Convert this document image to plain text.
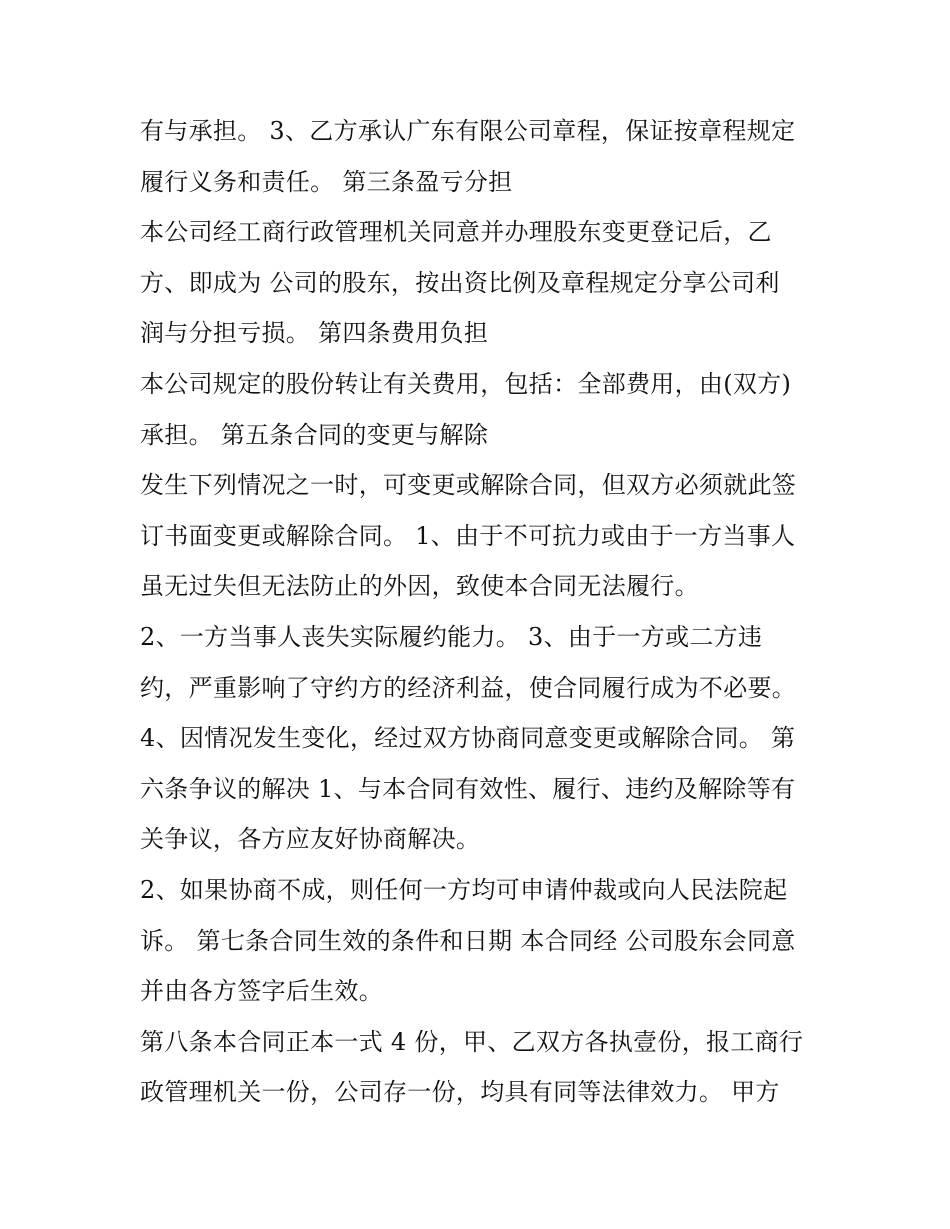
有与承担。 3、乙方承认广东有限公司章程，保证按章程规定
履行义务和责任。 第三条盈亏分担
本公司经工商行政管理机关同意并办理股东变更登记后，乙
方、即成为 公司的股东，按出资比例及章程规定分享公司利
润与分担亏损。 第四条费用负担
本公司规定的股份转让有关费用，包括：全部费用，由(双方)
承担。 第五条合同的变更与解除
发生下列情况之一时，可变更或解除合同，但双方必须就此签
订书面变更或解除合同。 1、由于不可抗力或由于一方当事人
虽无过失但无法防止的外因，致使本合同无法履行。
2、一方当事人丧失实际履约能力。 3、由于一方或二方违
约，严重影响了守约方的经济利益，使合同履行成为不必要。
4、因情况发生变化，经过双方协商同意变更或解除合同。 第
六条争议的解决 1、与本合同有效性、履行、违约及解除等有
关争议，各方应友好协商解决。
2、如果协商不成，则任何一方均可申请仲裁或向人民法院起
诉。 第七条合同生效的条件和日期 本合同经 公司股东会同意
并由各方签字后生效。
第八条本合同正本一式 4 份，甲、乙双方各执壹份，报工商行
政管理机关一份，公司存一份，均具有同等法律效力。 甲方
